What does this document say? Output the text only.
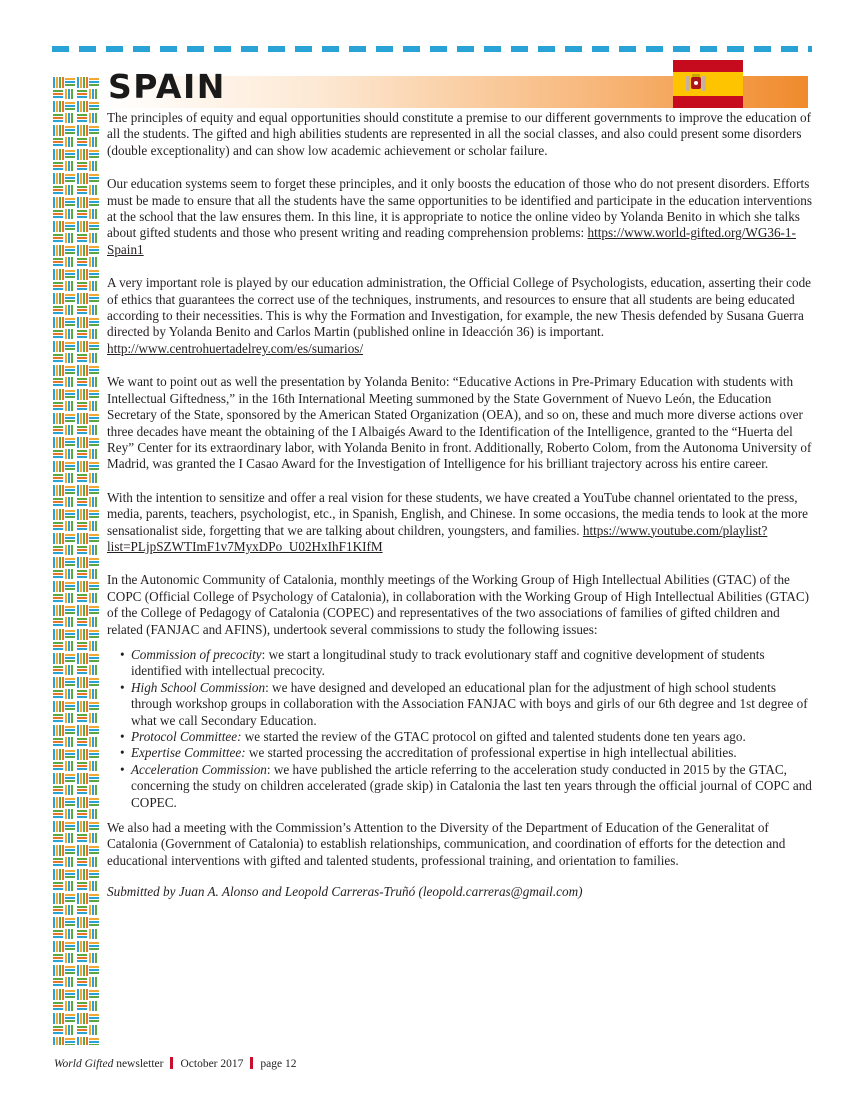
SPAIN

The principles of equity and equal opportunities should constitute a premise to our different governments to improve the education of all the students. The gifted and high abilities students are represented in all the social classes, and also could present some disorders (double exceptionality) and can show low academic achievement or scholar failure.

Our education systems seem to forget these principles, and it only boosts the education of those who do not present disorders. Efforts must be made to ensure that all the students have the same opportunities to be identified and participate in the education interventions at the school that the law ensures them. In this line, it is appropriate to notice the online video by Yolanda Benito in which she talks about gifted students and those who present writing and reading comprehension problems: https://www.world-gifted.org/WG36-1-Spain1

A very important role is played by our education administration, the Official College of Psychologists, education, asserting their code of ethics that guarantees the correct use of the techniques, instruments, and resources to ensure that all students are being educated according to their necessities. This is why the Formation and Investigation, for example, the new Thesis defended by Susana Guerra directed by Yolanda Benito and Carlos Martin (published online in Ideacción 36) is important. http://www.centrohuertadelrey.com/es/sumarios/

We want to point out as well the presentation by Yolanda Benito: “Educative Actions in Pre-Primary Education with students with Intellectual Giftedness,” in the 16th International Meeting summoned by the State Government of Nuevo León, the Education Secretary of the State, sponsored by the American Stated Organization (OEA), and so on, these and much more diverse actions over three decades have meant the obtaining of the I Albaigés Award to the Identification of the Intelligence, granted to the “Huerta del Rey” Center for its extraordinary labor, with Yolanda Benito in front. Additionally, Roberto Colom, from the Autonoma University of Madrid, was granted the I Casao Award for the Investigation of Intelligence for his brilliant trajectory across his entire career.

With the intention to sensitize and offer a real vision for these students, we have created a YouTube channel orientated to the press, media, parents, teachers, psychologist, etc., in Spanish, English, and Chinese. In some occasions, the media tends to look at the more sensationalist side, forgetting that we are talking about children, youngsters, and families. https://www.youtube.com/playlist?list=PLjpSZWTImF1v7MyxDPo_U02HxIhF1KIfM

In the Autonomic Community of Catalonia, monthly meetings of the Working Group of High Intellectual Abilities (GTAC) of the COPC (Official College of Psychology of Catalonia), in collaboration with the Working Group of High Intellectual Abilities (GTAC) of the College of Pedagogy of Catalonia (COPEC) and representatives of the two associations of families of gifted children and related (FANJAC and AFINS), undertook several commissions to study the following issues:

• Commission of precocity: we start a longitudinal study to track evolutionary staff and cognitive development of students identified with intellectual precocity.
• High School Commission: we have designed and developed an educational plan for the adjustment of high school students through workshop groups in collaboration with the Association FANJAC with boys and girls of our 6th degree and 1st degree of what we call Secondary Education.
• Protocol Committee: we started the review of the GTAC protocol on gifted and talented students done ten years ago.
• Expertise Committee: we started processing the accreditation of professional expertise in high intellectual abilities.
• Acceleration Commission: we have published the article referring to the acceleration study conducted in 2015 by the GTAC, concerning the study on children accelerated (grade skip) in Catalonia the last ten years through the official journal of COPC and COPEC.

We also had a meeting with the Commission’s Attention to the Diversity of the Department of Education of the Generalitat of Catalonia (Government of Catalonia) to establish relationships, communication, and coordination of efforts for the detection and educational interventions with gifted and talented students, professional training, and orientation to families.

Submitted by Juan A. Alonso and Leopold Carreras-Truñó (leopold.carreras@gmail.com)

World Gifted newsletter October 2017 page 12
